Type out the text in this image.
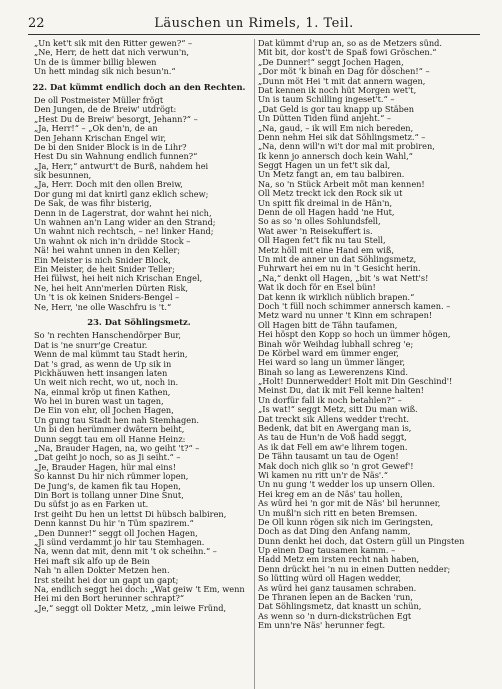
22	Läuschen un Rimels, 1. Teil.
„Un ket't sik mit den Ritter gewen?“ –
„Ne, Herr, de hett dat nich verwun'n,
Un de is ümmer billig blewen
Un hett mindag sik nich besun'n.“
22. Dat kümmt endlich doch an den Rechten.
De oll Postmeister Müller frögt
Den Jungen, de de Breiw' utdrögt:
„Hest Du de Breiw' besorgt, Jehann?“ –
„Ja, Herr!“ – „Ok den'n, de an
Den Jehann Krischan Engel wir,
De bi den Snider Block is in de Lihr?
Hest Du sin Wahnung endlich funnen?“
„Ja, Herr,“ antwurt't de Burß, nahdem hei
sik besunnen,
„Ja, Herr. Doch mit den ollen Breiw,
Dor gung mi dat knirtl ganz eklich schew;
De Sak, de was fihr bisterig,
Denn in de Lagerstrat, dor wahnt hei nich,
Un wahnen an'n Lang wider an den Strand;
Un wahnt nich rechtsch, – ne! linker Hand;
Un wahnt ok nich in'n drüdde Stock –
Nä! hei wahnt unnen in den Keller;
Ein Meister is nich Snider Block,
Ein Meister, de heit Snider Teller;
Hei fülwst, hei heit nich Krischan Engel,
Ne, hei heit Ann'merlen Dürten Risk,
Un 't is ok keinen Sniders-Bengel –
Ne, Herr, 'ne olle Waschfru is 't.“
23. Dat Söhlingsmetz.
So 'n rechten Hanschendörper Bur,
Dat is 'ne snurr'ge Creatur.
Wenn de mal kümmt tau Stadt herin,
Dat 's grad, as wenn de Up sik in
Pickhäuwen hett insangen laten
Un weit nich recht, wo ut, noch in.
Na, einmal kröp ut finen Kathen,
Wo hei in buren wast un tagen,
De Ein von ehr, oll Jochen Hagen,
Un gung tau Stadt hen nah Stemhagen.
Un bi den herümmer dwätern beiht,
Dunn seggt tau em oll Hanne Heinz:
„Na, Brauder Hagen, na, wo geiht 't?“ –
„Dat geiht jo noch, so as Ji seiht.“ –
„Je, Brauder Hagen, hür mal eins!
So kannst Du hir nich rümmer lopen,
De Jung's, de kamen fik tau Hopen,
Din Bort is tollang unner Dine Snut,
Du süfst jo as en Farken ut.
Irst geiht Du hen un lettst Di hübsch balbiren,
Denn kannst Du hir 'n Tüm spazirem.“
„Den Dunner!“ seggt oll Jochen Hagen,
„Ji sünd verdammt jo hir tau Stemhagen.
Na, wenn dat mit, denn mit 't ok scheihn.“ –
Hei maft sik alfo up de Bein
Nah 'n allen Dokter Metzen hen.
Irst steiht hei dor un gapt un gapt;
Na, endlich seggt hei doch: „Wat geiw 't Em, wenn
Hei mi den Bort herunner schrapt?“
„Je,“ seggt oll Dokter Metz, „min leiwe Fründ,
Dat kümmt d'rup an, so as de Metzers sünd.
Mit bit, dor kost't de Spaß fowi Gröschen.“
„De Dunner!“ seggt Jochen Hagen,
„Dor möt 'k binah en Dag för döschen!“ –
„Dunn möt Hei 't mit dat annern wagen,
Dat kennen ik noch hüt Morgen wet't,
Un is taum Schilling ingeset't.“ –
„Dat Geld is gor tau knapp up Stäben
Un Dütten Tiden fünd anjeht.“ –
„Na, gaud, – ik will Em nich bereden,
Denn nehm Hei sik dat Söhlingsmetz.“ –
„Na, denn will'n wi't dor mal mit probiren,
Ik kenn jo annersch doch kein Wahl,“
Seggt Hagen un un fet't sik dal,
Un Metz fangt an, em tau balbiren.
Na, so 'n Stück Arbeit möt man kennen!
Oll Metz treckt ick den Rock sik ut
Un spitt fik dreimal in de Hän'n,
Denn de oll Hagen hadd 'ne Hut,
So as so 'n olles Sohlundsfell,
Wat awer 'n Reisekuffert is.
Oll Hagen fet't fik nu tau Stell,
Metz höll mit eine Hand em wiß,
Un mit de anner un dat Söhlingsmetz,
Fuhrwart hei em nu in 't Gesicht herin.
„Na,“ denkt oll Hagen, „bit 's wat Nett's!
Wat ik doch för en Esel bün!
Dat kenn ik wirklich nüblich brapen.“
Doch 't füll noch schimmer annersch kamen. –
Metz ward nu unner 't Kinn em schrapen!
Oll Hagen bitt de Tähn taufamen,
Hei höspt den Kopp so hoch un ümmer högen,
Binah wör Weihdag lubhall schreg 'e;
De Körbel ward em ümmer enger,
Hei ward so lang un ümmer länger,
Binah so lang as Lewerenzens Kind.
„Holt! Dunnerwedder! Holt mit Din Geschind'!
Meinst Du, dat ik mit Fell kenne halten!
Un dorfür fall ik noch betahlen?“ –
„Is wat!“ seggt Metz, sitt Du man wiß.
Dat treckt sik Allens wedder t'recht.
Bedenk, dat bit en Awergang man is,
As tau de Hun'n de Voß hadd seggt,
As ik dat Fell em aw'e lihrem togen.
De Tähn tausamt un tau de Ogen!
Mak doch nich glik so 'n grot Gewef'!
Wi kamen nu ritt un'r de Näs'.“
Un nu gung 't wedder los up unsern Ollen.
Hei kreg em an de Näs' tau hollen,
As würd hei 'n gor mit de Näs' bil herunner,
Un mußl'n sich ritt en beten Bremsen.
De Oll kunn rögen sik nich im Geringsten,
Doch as dat Ding den Anfang namm,
Dunn denkt hei doch, dat Ostern güll un Pingsten
Up einen Dag tausamen kamm. –
Hadd Metz em irsten recht nah haben,
Denn drückt hei 'n nu in einen Dutten nedder;
So lütting würd oll Hagen wedder,
As würd hei ganz tausamen schraben.
De Thranen lepen an de Backen 'run,
Dat Söhlingsmetz, dat knastt un schün,
As wenn so 'n durn-dickstrüchen Egt
Em unn're Näs' herunner fegt.
